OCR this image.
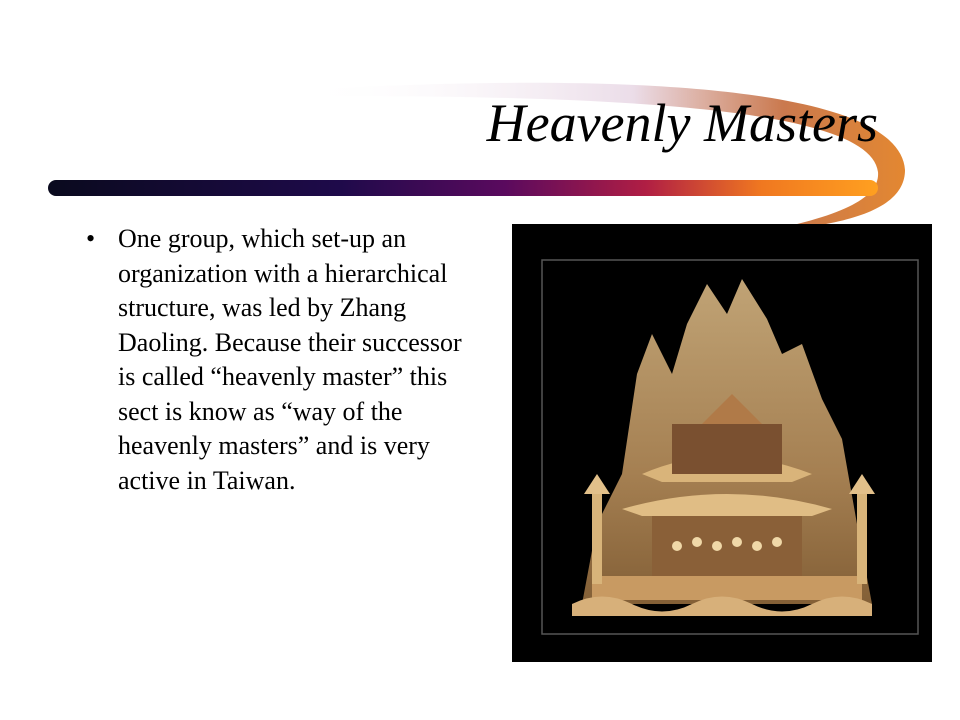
Heavenly Masters
• One group, which set-up an organization with a hierarchical structure, was led by Zhang Daoling. Because their successor is called “heavenly master” this sect is know as “way of the heavenly masters” and is very active in Taiwan.
